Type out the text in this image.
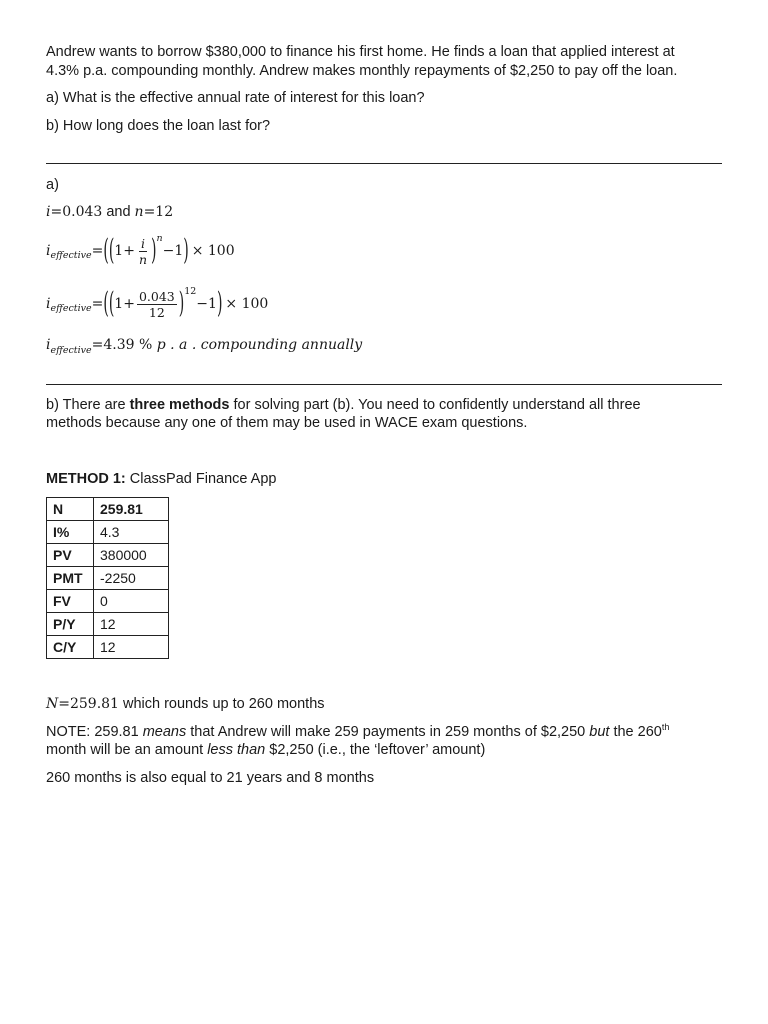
Andrew wants to borrow $380,000 to finance his first home. He finds a loan that applied interest at

4.3% p.a. compounding monthly. Andrew makes monthly repayments of $2,250 to pay off the loan.

a) What is the effective annual rate of interest for this loan?

b) How long does the loan last for?

a)

i=0.043 and n=12

i effective = ( ( $1+ \frac{i}{n}$ ) n
−1 ) × 100
i effective = ( ( $1+ \frac{0.043}{12}$ ) 12
−1 ) × 100

$i_{effective}=4.39$ % p . a . compounding annually

b) There are three methods for solving part (b). You need to confidently understand all three

methods because any one of them may be used in WACE exam questions.

METHOD 1: ClassPad Finance App

N	259.81
I%	4.3
PV	380000
PMT	-2250
FV	0
P/Y	12
C/Y	12

N=259.81 which rounds up to 260 months

NOTE: 259.81 means that Andrew will make 259 payments in 259 months of $2,250 but the 260th

month will be an amount less than $2,250 (i.e., the ‘leftover’ amount)

260 months is also equal to 21 years and 8 months
